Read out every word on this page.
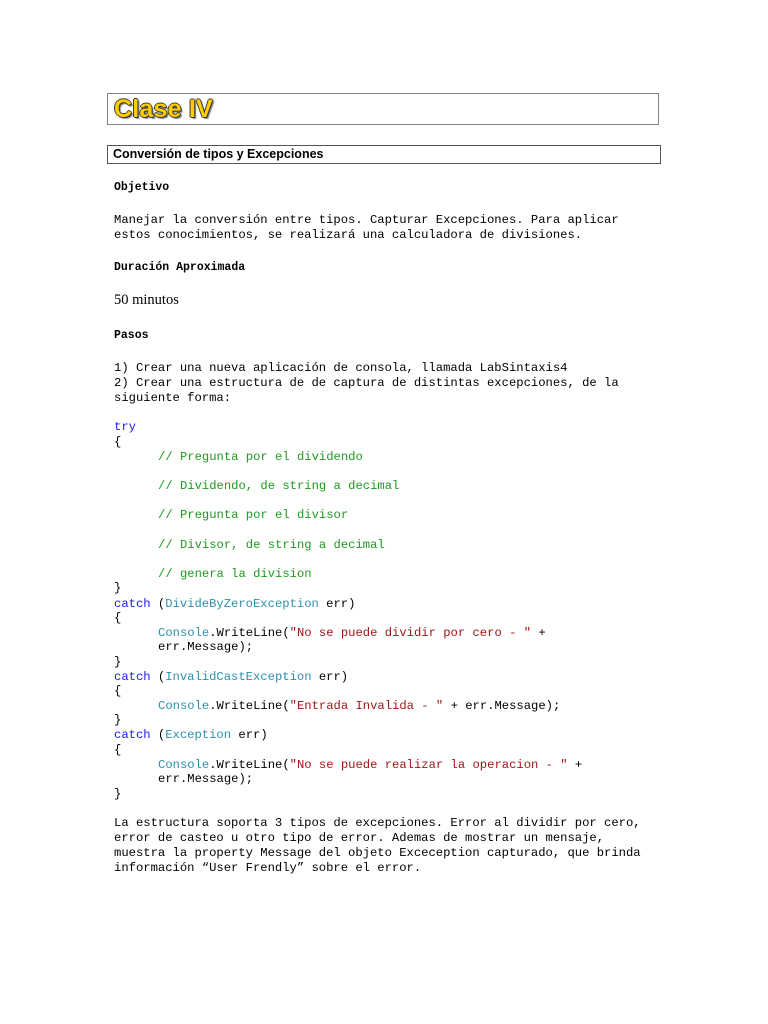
Clase IV
Conversión de tipos y Excepciones
Objetivo
Manejar la conversión entre tipos. Capturar Excepciones. Para aplicar
estos conocimientos, se realizará una calculadora de divisiones.
Duración Aproximada
50 minutos
Pasos
1) Crear una nueva aplicación de consola, llamada LabSintaxis4
2) Crear una estructura de de captura de distintas excepciones, de la
siguiente forma:
try
{
// Pregunta por el dividendo
// Dividendo, de string a decimal
// Pregunta por el divisor
// Divisor, de string a decimal
// genera la division
}
catch (DivideByZeroException err)
{
Console.WriteLine("No se puede dividir por cero - " +
err.Message);
}
catch (InvalidCastException err)
{
Console.WriteLine("Entrada Invalida - " + err.Message);
}
catch (Exception err)
{
Console.WriteLine("No se puede realizar la operacion - " +
err.Message);
}
La estructura soporta 3 tipos de excepciones. Error al dividir por cero,
error de casteo u otro tipo de error. Ademas de mostrar un mensaje,
muestra la property Message del objeto Exceception capturado, que brinda
información “User Frendly” sobre el error.
